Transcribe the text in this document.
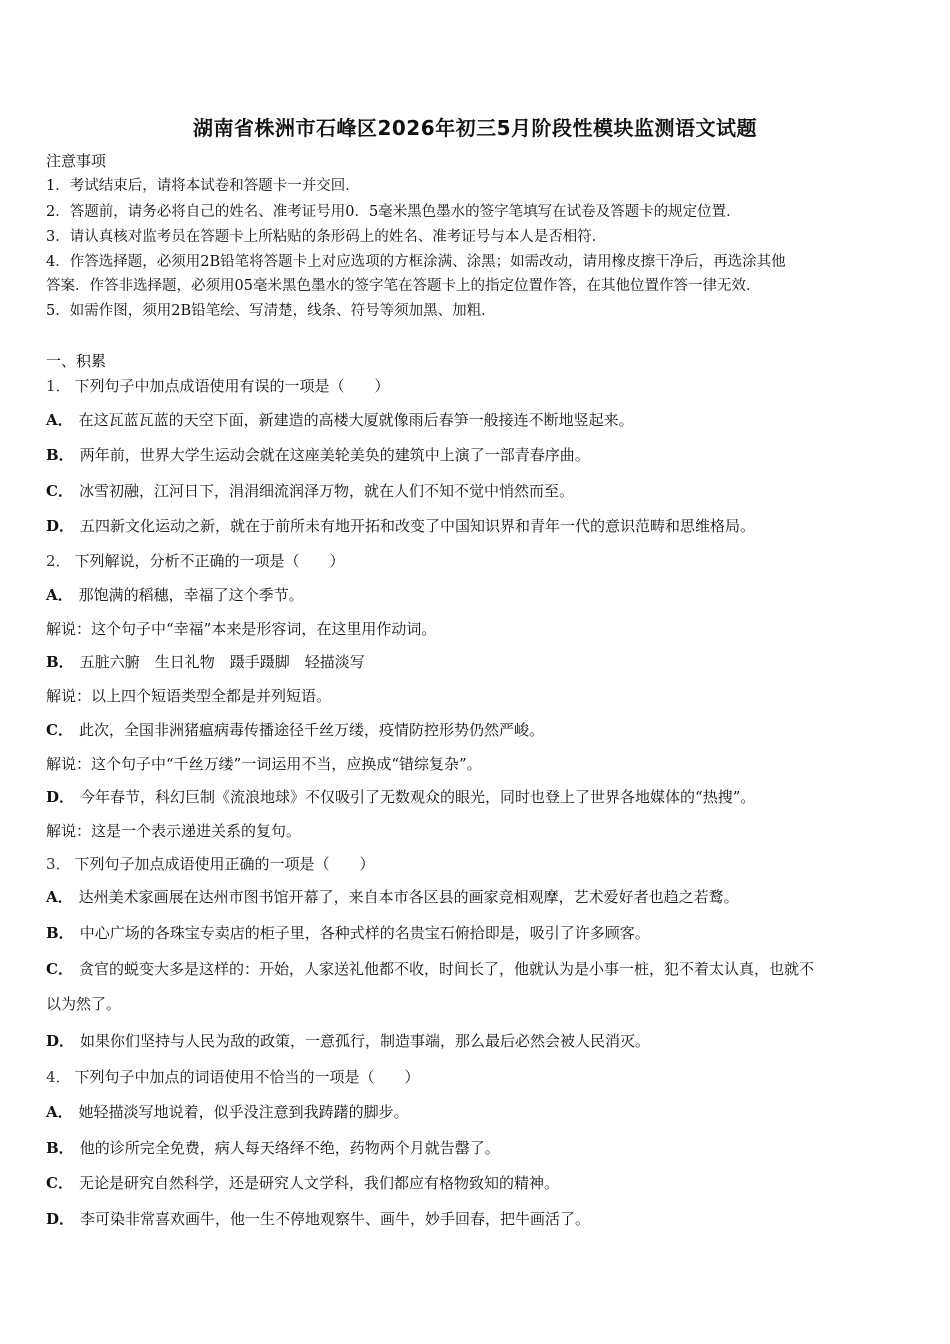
湖南省株洲市石峰区2026年初三5月阶段性模块监测语文试题
注意事项
1．考试结束后，请将本试卷和答题卡一并交回．
2．答题前，请务必将自己的姓名、准考证号用0．5毫米黑色墨水的签字笔填写在试卷及答题卡的规定位置．
3．请认真核对监考员在答题卡上所粘贴的条形码上的姓名、准考证号与本人是否相符．
4．作答选择题，必须用2B铅笔将答题卡上对应选项的方框涂满、涂黑；如需改动，请用橡皮擦干净后，再选涂其他
答案．作答非选择题，必须用05毫米黑色墨水的签字笔在答题卡上的指定位置作答，在其他位置作答一律无效．
5．如需作图，须用2B铅笔绘、写清楚，线条、符号等须加黑、加粗．
一、积累
1． 下列句子中加点成语使用有误的一项是（　　）
A． 在这瓦蓝瓦蓝的天空下面，新建造的高楼大厦就像雨后春笋一般接连不断地竖起来。
B． 两年前，世界大学生运动会就在这座美轮美奂的建筑中上演了一部青春序曲。
C． 冰雪初融，江河日下，涓涓细流润泽万物，就在人们不知不觉中悄然而至。
D． 五四新文化运动之新，就在于前所未有地开拓和改变了中国知识界和青年一代的意识范畴和思维格局。
2． 下列解说，分析不正确的一项是（　　）
A． 那饱满的稻穗，幸福了这个季节。
解说：这个句子中“幸福”本来是形容词，在这里用作动词。
B． 五脏六腑　生日礼物　蹑手蹑脚　轻描淡写
解说：以上四个短语类型全都是并列短语。
C． 此次，全国非洲猪瘟病毒传播途径千丝万缕，疫情防控形势仍然严峻。
解说：这个句子中“千丝万缕”一词运用不当，应换成“错综复杂”。
D． 今年春节，科幻巨制《流浪地球》不仅吸引了无数观众的眼光，同时也登上了世界各地媒体的“热搜”。
解说：这是一个表示递进关系的复句。
3． 下列句子加点成语使用正确的一项是（　　）
A． 达州美术家画展在达州市图书馆开幕了，来自本市各区县的画家竞相观摩，艺术爱好者也趋之若鹜。
B． 中心广场的各珠宝专卖店的柜子里，各种式样的名贵宝石俯拾即是，吸引了许多顾客。
C． 贪官的蜕变大多是这样的：开始，人家送礼他都不收，时间长了，他就认为是小事一桩，犯不着太认真，也就不
以为然了。
D． 如果你们坚持与人民为敌的政策，一意孤行，制造事端，那么最后必然会被人民消灭。
4． 下列句子中加点的词语使用不恰当的一项是（　　）
A． 她轻描淡写地说着，似乎没注意到我踌躇的脚步。
B． 他的诊所完全免费，病人每天络绎不绝，药物两个月就告罄了。
C． 无论是研究自然科学，还是研究人文学科，我们都应有格物致知的精神。
D． 李可染非常喜欢画牛，他一生不停地观察牛、画牛，妙手回春，把牛画活了。
